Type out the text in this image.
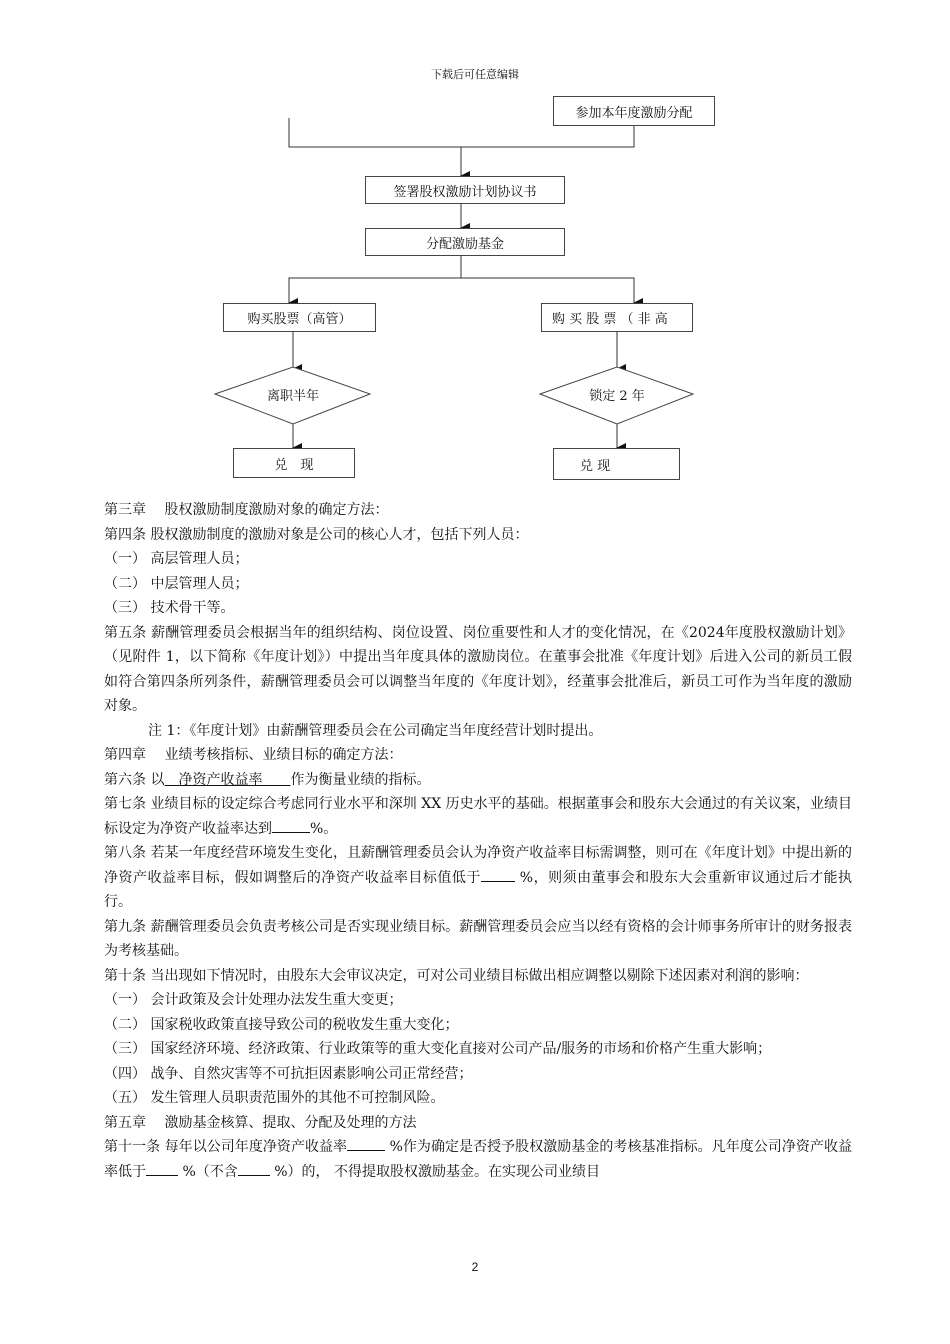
下载后可任意编辑
参加本年度激励分配
签署股权激励计划协议书
分配激励基金
购买股票（高管）	购 买 股 票 （ 非 高
离职半年	锁定 2 年
兑　现	兑 现

第三章　 股权激励制度激励对象的确定方法：

第四条 股权激励制度的激励对象是公司的核心人才，包括下列人员：

（一） 高层管理人员；

（二） 中层管理人员；

（三） 技术骨干等。

第五条 薪酬管理委员会根据当年的组织结构、岗位设置、岗位重要性和人才的变化情况，在《2024年度股权激励计划》（见附件 1，以下简称《年度计划》）中提出当年度具体的激励岗位。在董事会批准《年度计划》后进入公司的新员工假如符合第四条所列条件，薪酬管理委员会可以调整当年度的《年度计划》，经董事会批准后，新员工可作为当年度的激励对象。

注 1：《年度计划》由薪酬管理委员会在公司确定当年度经营计划时提出。

第四章　 业绩考核指标、业绩目标的确定方法：

第六条 以　净资产收益率　　作为衡量业绩的指标。

第七条 业绩目标的设定综合考虑同行业水平和深圳 XX 历史水平的基础。根据董事会和股东大会通过的有关议案，业绩目标设定为净资产收益率达到	%。

第八条 若某一年度经营环境发生变化，且薪酬管理委员会认为净资产收益率目标需调整，则可在《年度计划》中提出新的净资产收益率目标，假如调整后的净资产收益率目标值低于 %，则须由董事会和股东大会重新审议通过后才能执行。

第九条 薪酬管理委员会负责考核公司是否实现业绩目标。薪酬管理委员会应当以经有资格的会计师事务所审计的财务报表为考核基础。

第十条 当出现如下情况时，由股东大会审议决定，可对公司业绩目标做出相应调整以剔除下述因素对利润的影响：

（一） 会计政策及会计处理办法发生重大变更；

（二） 国家税收政策直接导致公司的税收发生重大变化；

（三） 国家经济环境、经济政策、行业政策等的重大变化直接对公司产品/服务的市场和价格产生重大影响；

（四） 战争、自然灾害等不可抗拒因素影响公司正常经营；

（五） 发生管理人员职责范围外的其他不可控制风险。

第五章　 激励基金核算、提取、分配及处理的方法

第十一条 每年以公司年度净资产收益率	%作为确定是否授予股权激励基金的考核基准指标。凡年度公司净资产收益率低于 %（不含 %）的， 不得提取股权激励基金。在实现公司业绩目

2
